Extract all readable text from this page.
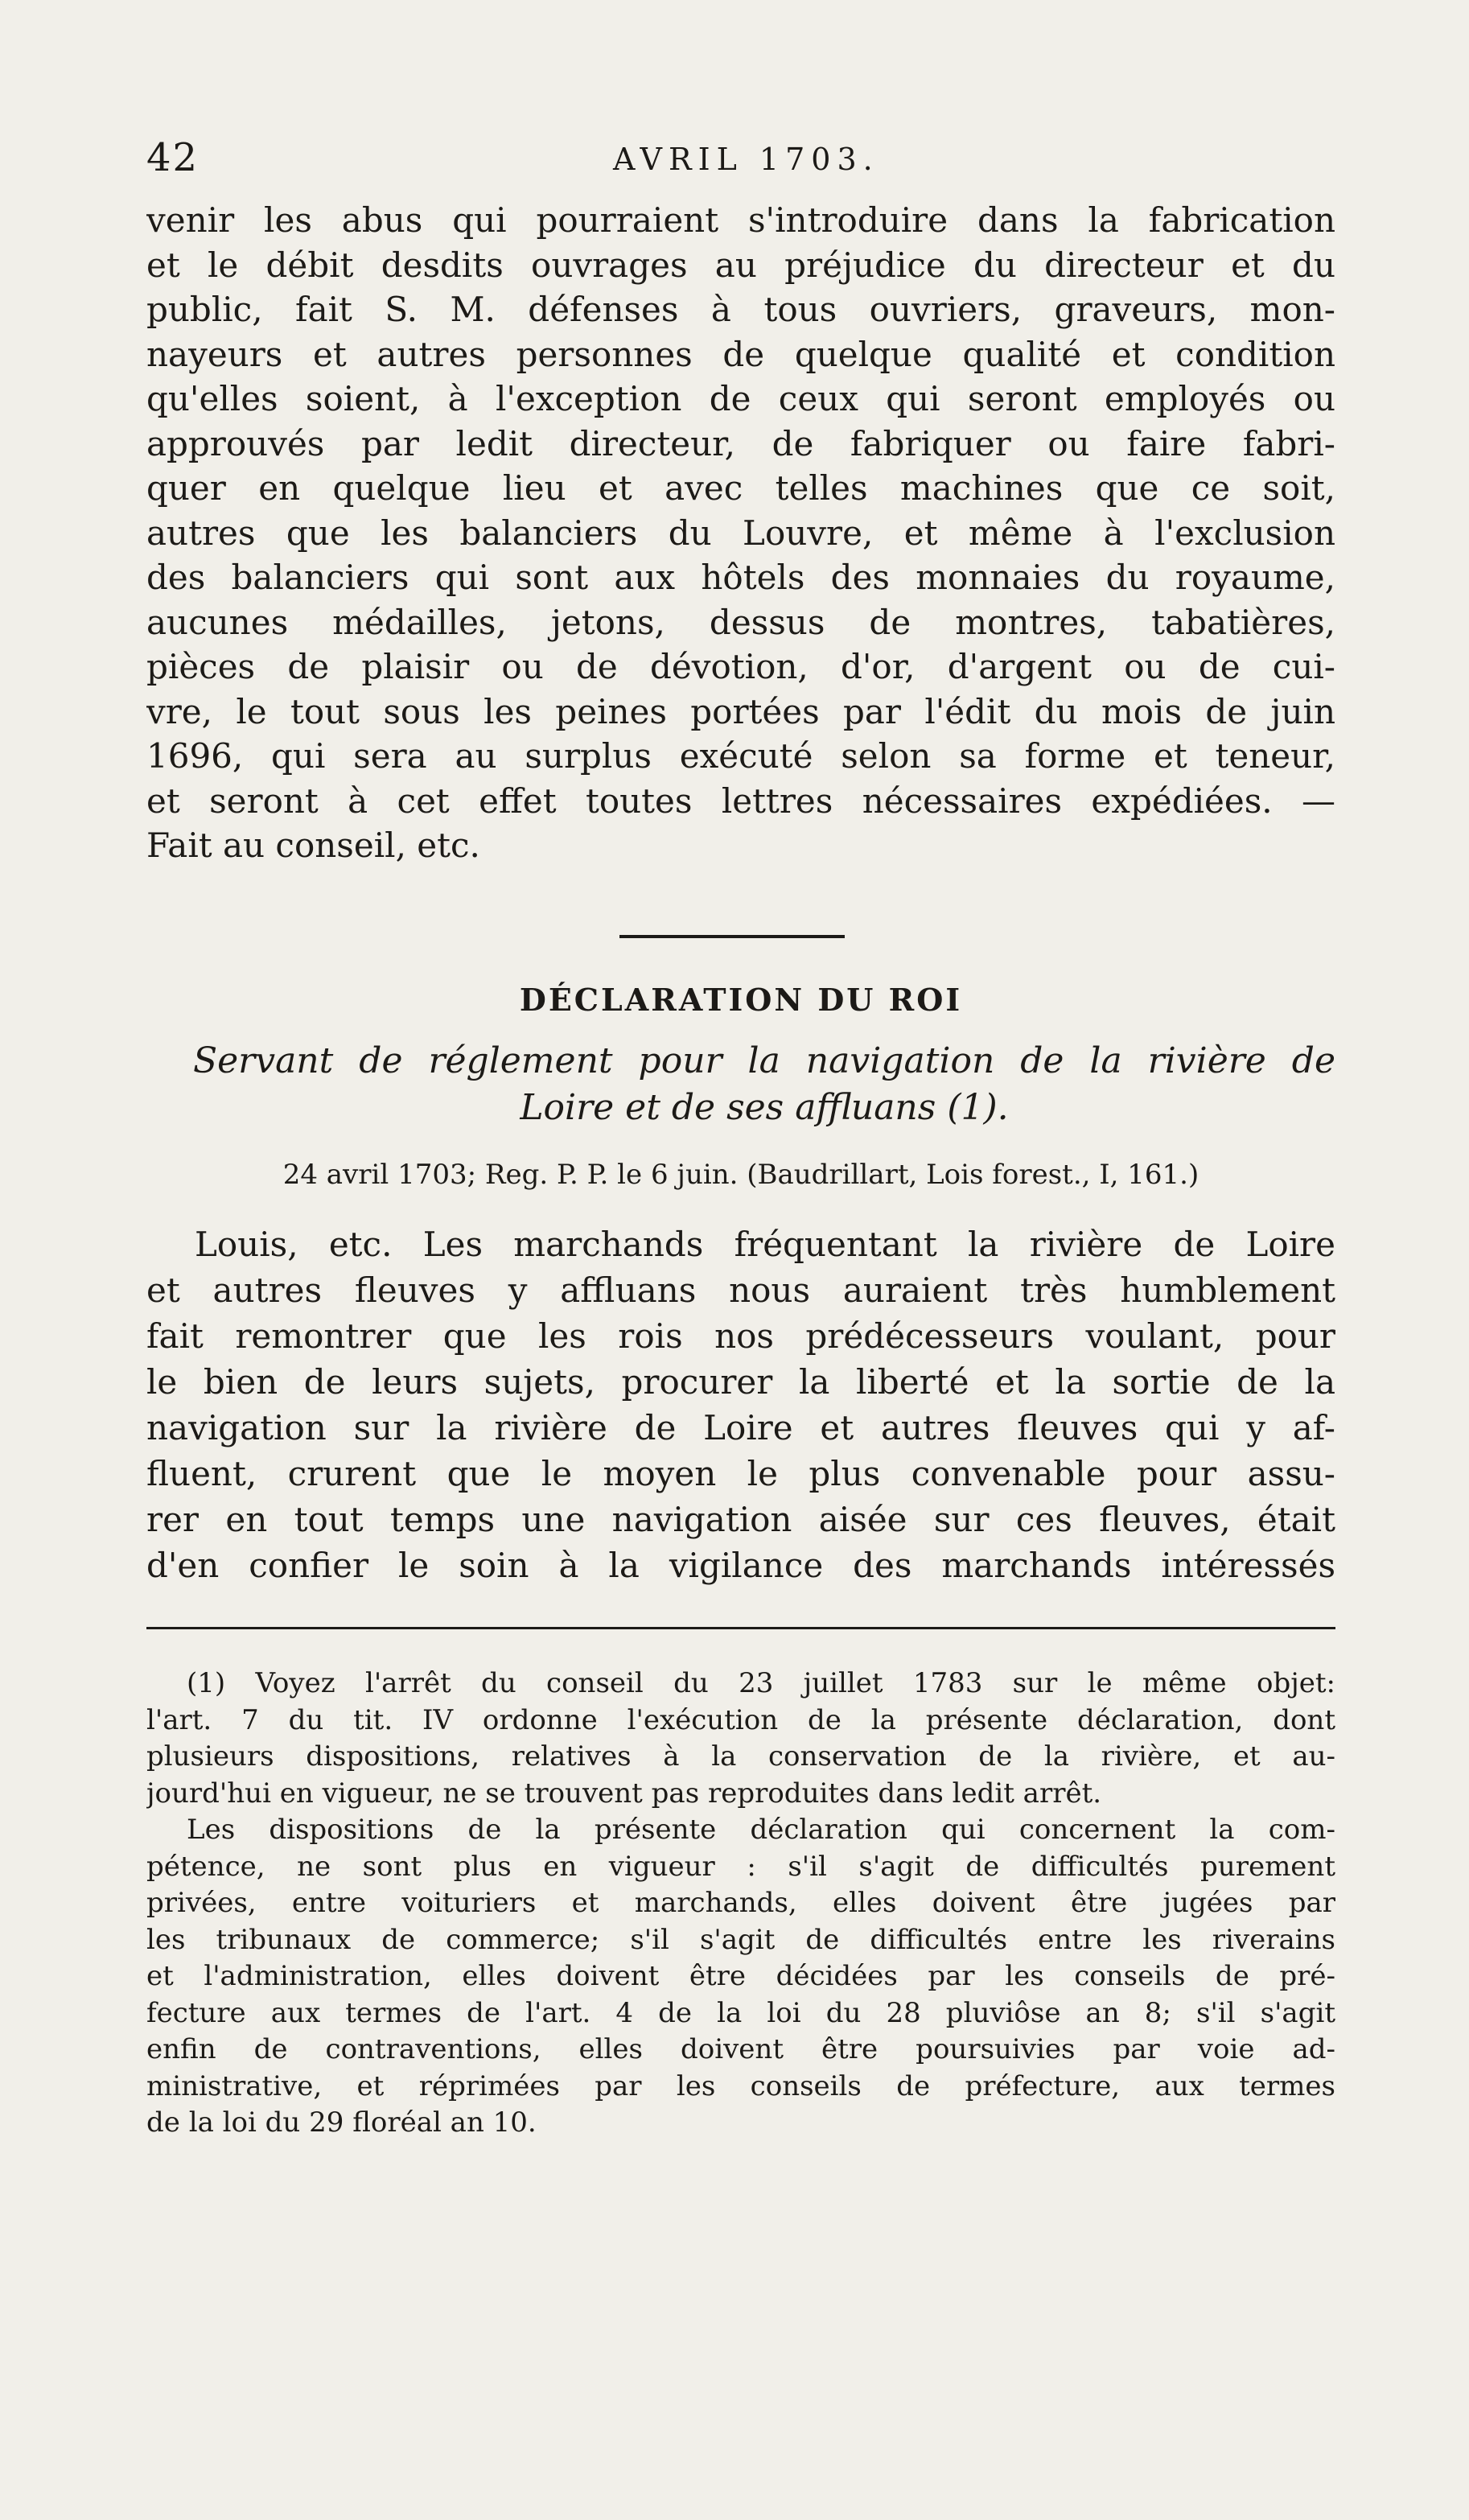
42	AVRIL 1703.
venir les abus qui pourraient s'introduire dans la fabrication
et le débit desdits ouvrages au préjudice du directeur et du
public, fait S. M. défenses à tous ouvriers, graveurs, mon-
nayeurs et autres personnes de quelque qualité et condition
qu'elles soient, à l'exception de ceux qui seront employés ou
approuvés par ledit directeur, de fabriquer ou faire fabri-
quer en quelque lieu et avec telles machines que ce soit,
autres que les balanciers du Louvre, et même à l'exclusion
des balanciers qui sont aux hôtels des monnaies du royaume,
aucunes médailles, jetons, dessus de montres, tabatières,
pièces de plaisir ou de dévotion, d'or, d'argent ou de cui-
vre, le tout sous les peines portées par l'édit du mois de juin
1696, qui sera au surplus exécuté selon sa forme et teneur,
et seront à cet effet toutes lettres nécessaires expédiées. —
Fait au conseil, etc.
DÉCLARATION DU ROI
Servant de réglement pour la navigation de la rivière de
Loire et de ses affluans (1).
24 avril 1703; Reg. P. P. le 6 juin. (Baudrillart, Lois forest., I, 161.)
Louis, etc. Les marchands fréquentant la rivière de Loire
et autres fleuves y affluans nous auraient très humblement
fait remontrer que les rois nos prédécesseurs voulant, pour
le bien de leurs sujets, procurer la liberté et la sortie de la
navigation sur la rivière de Loire et autres fleuves qui y af-
fluent, crurent que le moyen le plus convenable pour assu-
rer en tout temps une navigation aisée sur ces fleuves, était
d'en confier le soin à la vigilance des marchands intéressés
(1) Voyez l'arrêt du conseil du 23 juillet 1783 sur le même objet:
l'art. 7 du tit. IV ordonne l'exécution de la présente déclaration, dont
plusieurs dispositions, relatives à la conservation de la rivière, et au-
jourd'hui en vigueur, ne se trouvent pas reproduites dans ledit arrêt.
Les dispositions de la présente déclaration qui concernent la com-
pétence, ne sont plus en vigueur : s'il s'agit de difficultés purement
privées, entre voituriers et marchands, elles doivent être jugées par
les tribunaux de commerce; s'il s'agit de difficultés entre les riverains
et l'administration, elles doivent être décidées par les conseils de pré-
fecture aux termes de l'art. 4 de la loi du 28 pluviôse an 8; s'il s'agit
enfin de contraventions, elles doivent être poursuivies par voie ad-
ministrative, et réprimées par les conseils de préfecture, aux termes
de la loi du 29 floréal an 10.
